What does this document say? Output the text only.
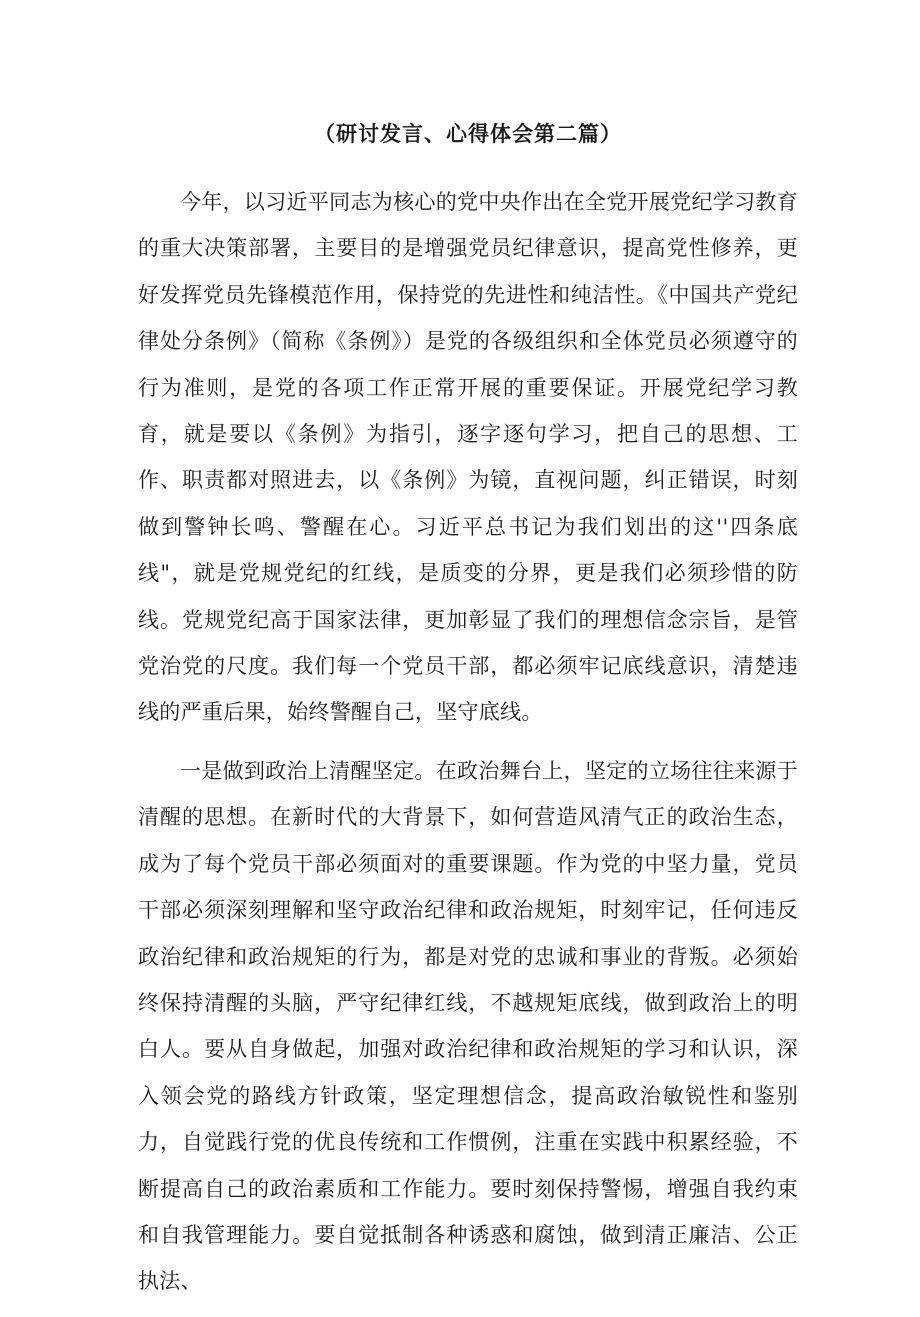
（研讨发言、心得体会第二篇）

今年，以习近平同志为核心的党中央作出在全党开展党纪学习教育的重大决策部署，主要目的是增强党员纪律意识，提高党性修养，更好发挥党员先锋模范作用，保持党的先进性和纯洁性。《中国共产党纪律处分条例》（简称《条例》）是党的各级组织和全体党员必须遵守的行为准则，是党的各项工作正常开展的重要保证。开展党纪学习教育，就是要以《条例》为指引，逐字逐句学习，把自己的思想、工作、职责都对照进去，以《条例》为镜，直视问题，纠正错误，时刻做到警钟长鸣、警醒在心。习近平总书记为我们划出的这''四条底线"，就是党规党纪的红线，是质变的分界，更是我们必须珍惜的防线。党规党纪高于国家法律，更加彰显了我们的理想信念宗旨，是管党治党的尺度。我们每一个党员干部，都必须牢记底线意识，清楚违线的严重后果，始终警醒自己，坚守底线。

一是做到政治上清醒坚定。在政治舞台上，坚定的立场往往来源于清醒的思想。在新时代的大背景下，如何营造风清气正的政治生态，成为了每个党员干部必须面对的重要课题。作为党的中坚力量，党员干部必须深刻理解和坚守政治纪律和政治规矩，时刻牢记，任何违反政治纪律和政治规矩的行为，都是对党的忠诚和事业的背叛。必须始终保持清醒的头脑，严守纪律红线，不越规矩底线，做到政治上的明白人。要从自身做起，加强对政治纪律和政治规矩的学习和认识，深入领会党的路线方针政策，坚定理想信念，提高政治敏锐性和鉴别力，自觉践行党的优良传统和工作惯例，注重在实践中积累经验，不断提高自己的政治素质和工作能力。要时刻保持警惕，增强自我约束和自我管理能力。要自觉抵制各种诱惑和腐蚀，做到清正廉洁、公正执法、
